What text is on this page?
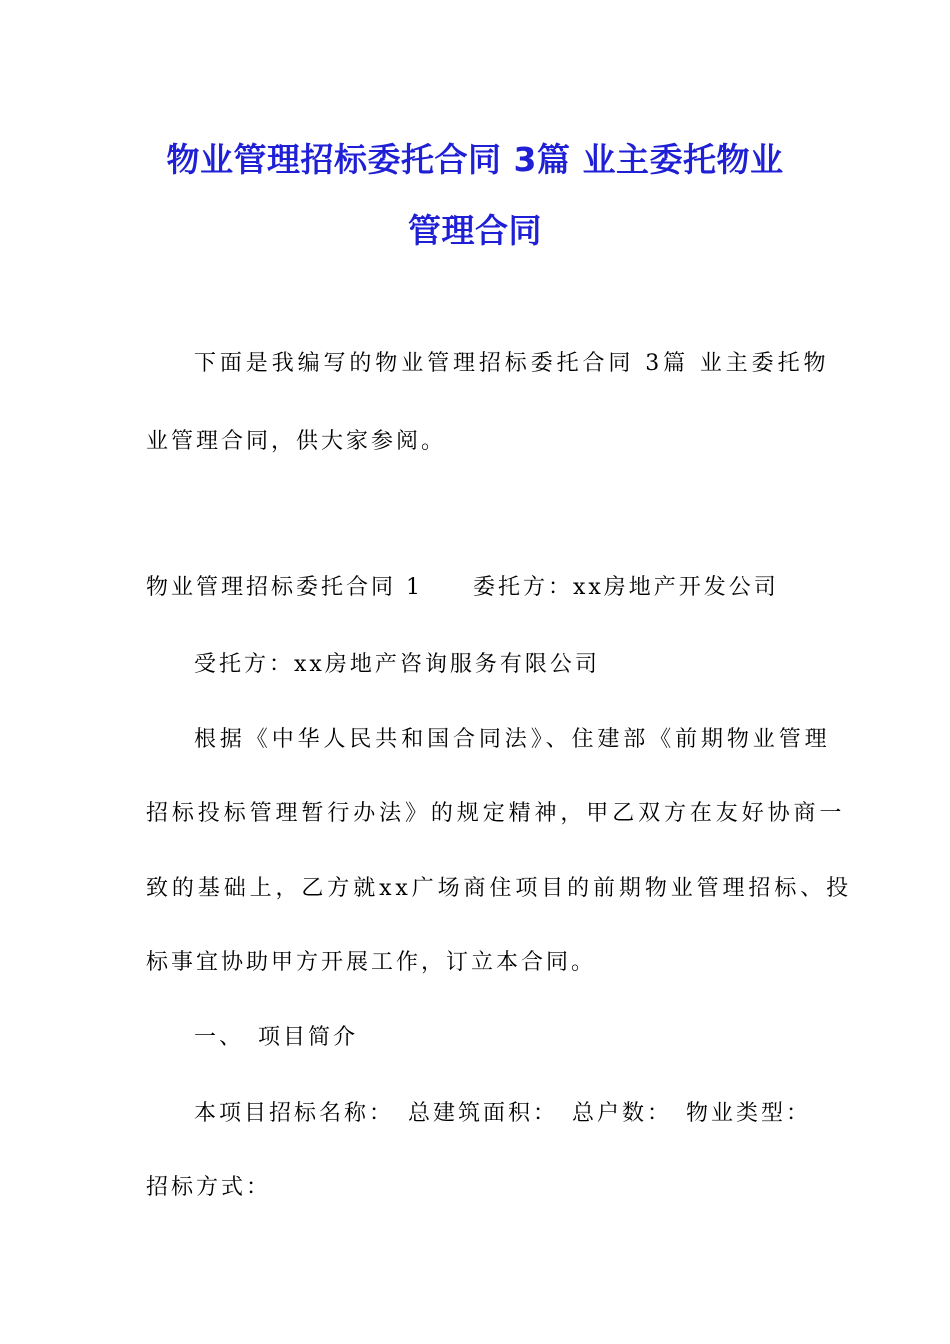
物业管理招标委托合同 3篇 业主委托物业
管理合同

下面是我编写的物业管理招标委托合同 3篇 业主委托物

业管理合同，供大家参阅。

物业管理招标委托合同 1　　委托方：xx房地产开发公司

受托方：xx房地产咨询服务有限公司

根据《中华人民共和国合同法》、住建部《前期物业管理

招标投标管理暂行办法》的规定精神，甲乙双方在友好协商一

致的基础上，乙方就xx广场商住项目的前期物业管理招标、投

标事宜协助甲方开展工作，订立本合同。

一、　项目简介

本项目招标名称：　总建筑面积：　总户数：　物业类型：

招标方式：
